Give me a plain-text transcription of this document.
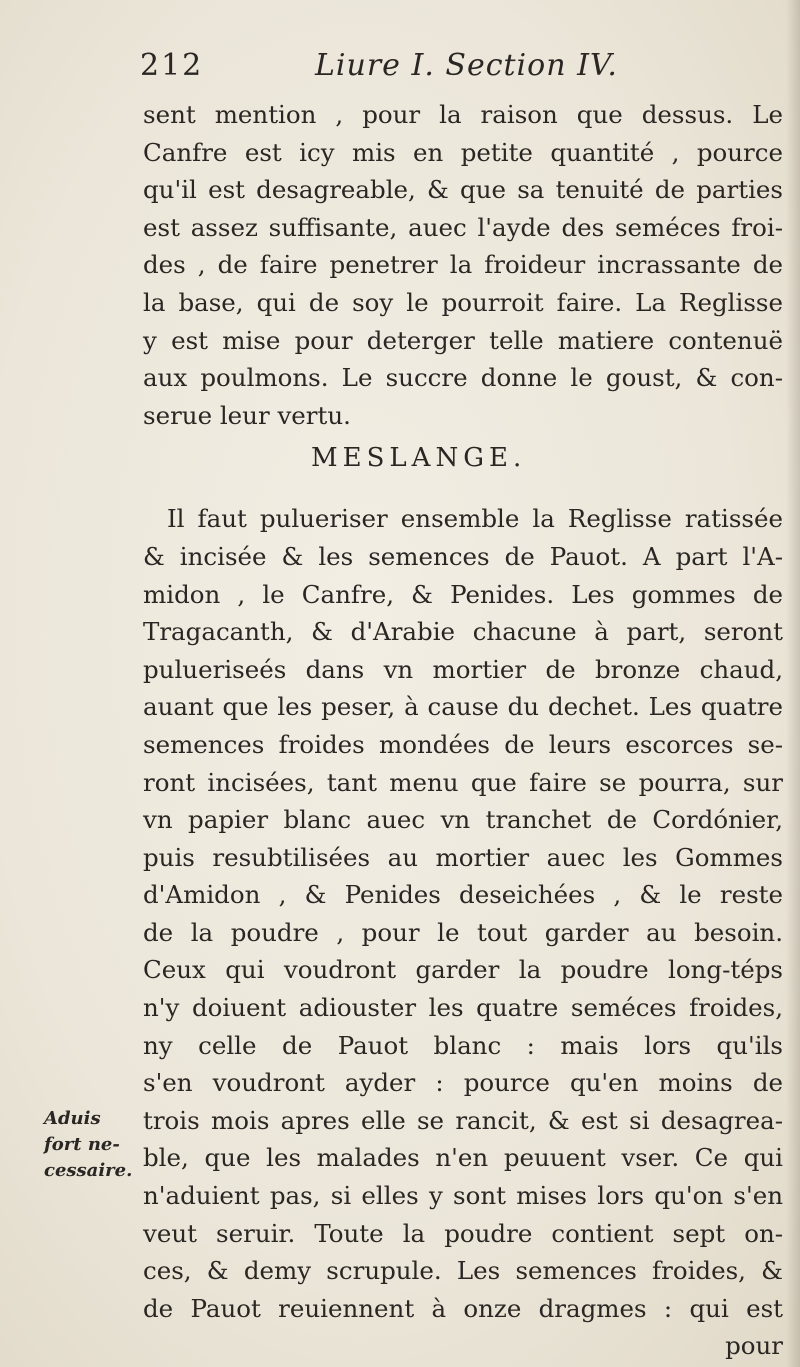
212	Liure I. Section IV.
sent mention , pour la raison que dessus. Le
Canfre est icy mis en petite quantité , pource
qu'il est desagreable, & que sa tenuité de parties
est assez suffisante, auec l'ayde des seméces froi-
des , de faire penetrer la froideur incrassante de
la base, qui de soy le pourroit faire. La Reglisse
y est mise pour deterger telle matiere contenuë
aux poulmons. Le succre donne le goust, & con-
serue leur vertu.
MESLANGE.
Il faut pulueriser ensemble la Reglisse ratissée
& incisée & les semences de Pauot. A part l'A-
midon , le Canfre, & Penides. Les gommes de
Tragacanth, & d'Arabie chacune à part, seront
pulueriseés dans vn mortier de bronze chaud,
auant que les peser, à cause du dechet. Les quatre
semences froides mondées de leurs escorces se-
ront incisées, tant menu que faire se pourra, sur
vn papier blanc auec vn tranchet de Cordónier,
puis resubtilisées au mortier auec les Gommes
d'Amidon , & Penides deseichées , & le reste
de la poudre , pour le tout garder au besoin.
Ceux qui voudront garder la poudre long-téps
n'y doiuent adiouster les quatre seméces froides,
ny celle de Pauot blanc : mais lors qu'ils
s'en voudront ayder : pource qu'en moins de
trois mois apres elle se rancit, & est si desagrea-
ble, que les malades n'en peuuent vser. Ce qui
n'aduient pas, si elles y sont mises lors qu'on s'en
veut seruir. Toute la poudre contient sept on-
ces, & demy scrupule. Les semences froides, &
de Pauot reuiennent à onze dragmes : qui est
pour
Aduis
fort ne-
cessaire.
